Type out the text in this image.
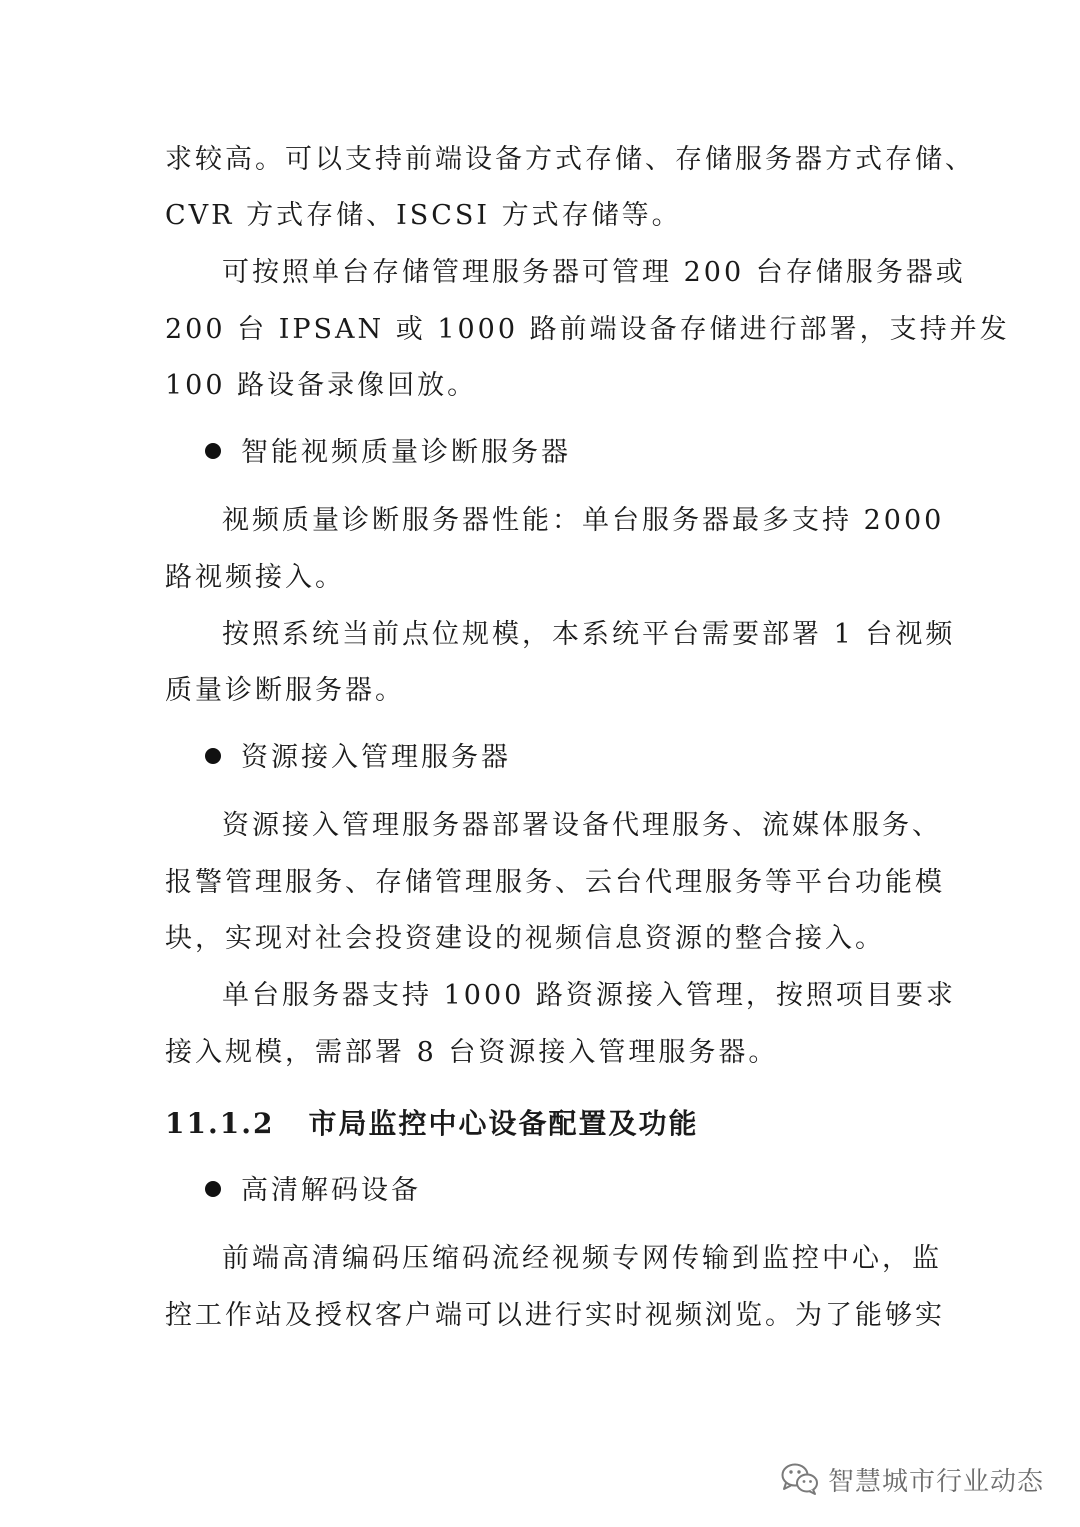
求较高。可以支持前端设备方式存储、存储服务器方式存储、
CVR 方式存储、ISCSI 方式存储等。
可按照单台存储管理服务器可管理 200 台存储服务器或
200 台 IPSAN 或 1000 路前端设备存储进行部署，支持并发
100 路设备录像回放。
智能视频质量诊断服务器
视频质量诊断服务器性能：单台服务器最多支持 2000
路视频接入。
按照系统当前点位规模，本系统平台需要部署 1 台视频
质量诊断服务器。
资源接入管理服务器
资源接入管理服务器部署设备代理服务、流媒体服务、
报警管理服务、存储管理服务、云台代理服务等平台功能模
块，实现对社会投资建设的视频信息资源的整合接入。
单台服务器支持 1000 路资源接入管理，按照项目要求
接入规模，需部署 8 台资源接入管理服务器。
11.1.2 市局监控中心设备配置及功能
高清解码设备
前端高清编码压缩码流经视频专网传输到监控中心，监
控工作站及授权客户端可以进行实时视频浏览。为了能够实
智慧城市行业动态
